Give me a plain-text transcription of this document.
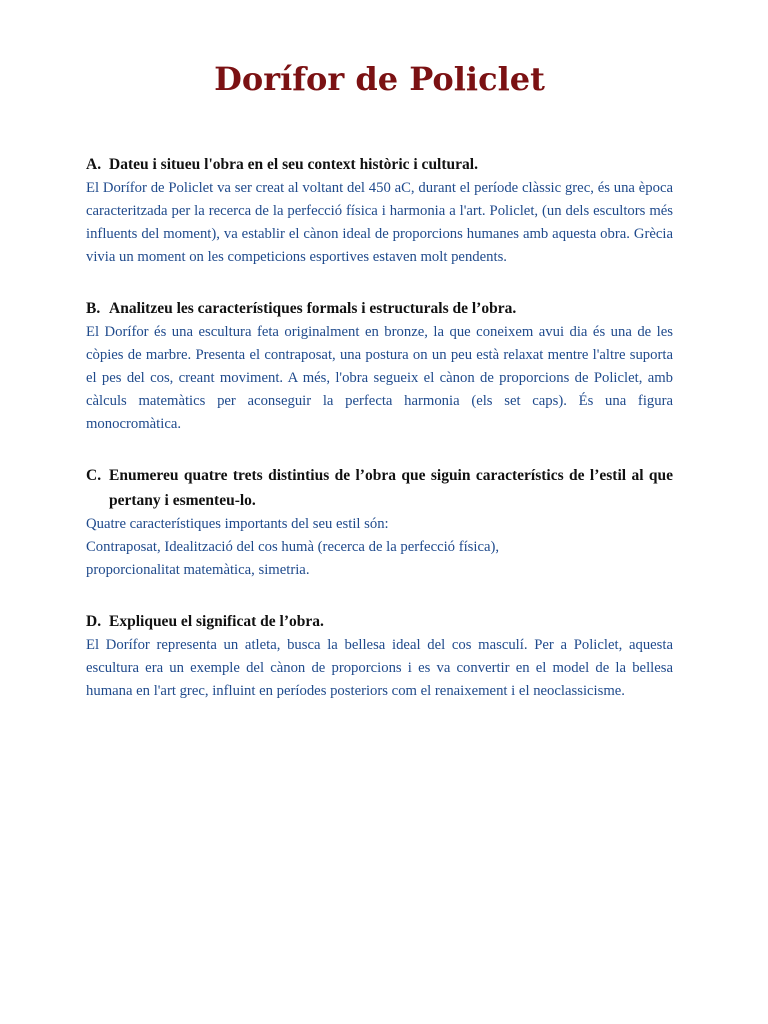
Dorífor de Policlet
A. Dateu i situeu l'obra en el seu context històric i cultural.

El Dorífor de Policlet va ser creat al voltant del 450 aC, durant el període clàssic grec, és una època caracteritzada per la recerca de la perfecció física i harmonia a l'art. Policlet, (un dels escultors més influents del moment), va establir el cànon ideal de proporcions humanes amb aquesta obra. Grècia vivia un moment on les competicions esportives estaven molt pendents.

B. Analitzeu les característiques formals i estructurals de l’obra.

El Dorífor és una escultura feta originalment en bronze, la que coneixem avui dia és una de les còpies de marbre. Presenta el contraposat, una postura on un peu està relaxat mentre l'altre suporta el pes del cos, creant moviment. A més, l'obra segueix el cànon de proporcions de Policlet, amb càlculs matemàtics per aconseguir la perfecta harmonia (els set caps). És una figura monocromàtica.

C. Enumereu quatre trets distintius de l’obra que siguin característics de l’estil al que pertany i esmenteu-lo.
Quatre característiques importants del seu estil són:
Contraposat, Idealització del cos humà (recerca de la perfecció física),
proporcionalitat matemàtica, simetria.
D. Expliqueu el significat de l’obra.

El Dorífor representa un atleta, busca la bellesa ideal del cos masculí. Per a Policlet, aquesta escultura era un exemple del cànon de proporcions i es va convertir en el model de la bellesa humana en l'art grec, influint en períodes posteriors com el renaixement i el neoclassicisme.
